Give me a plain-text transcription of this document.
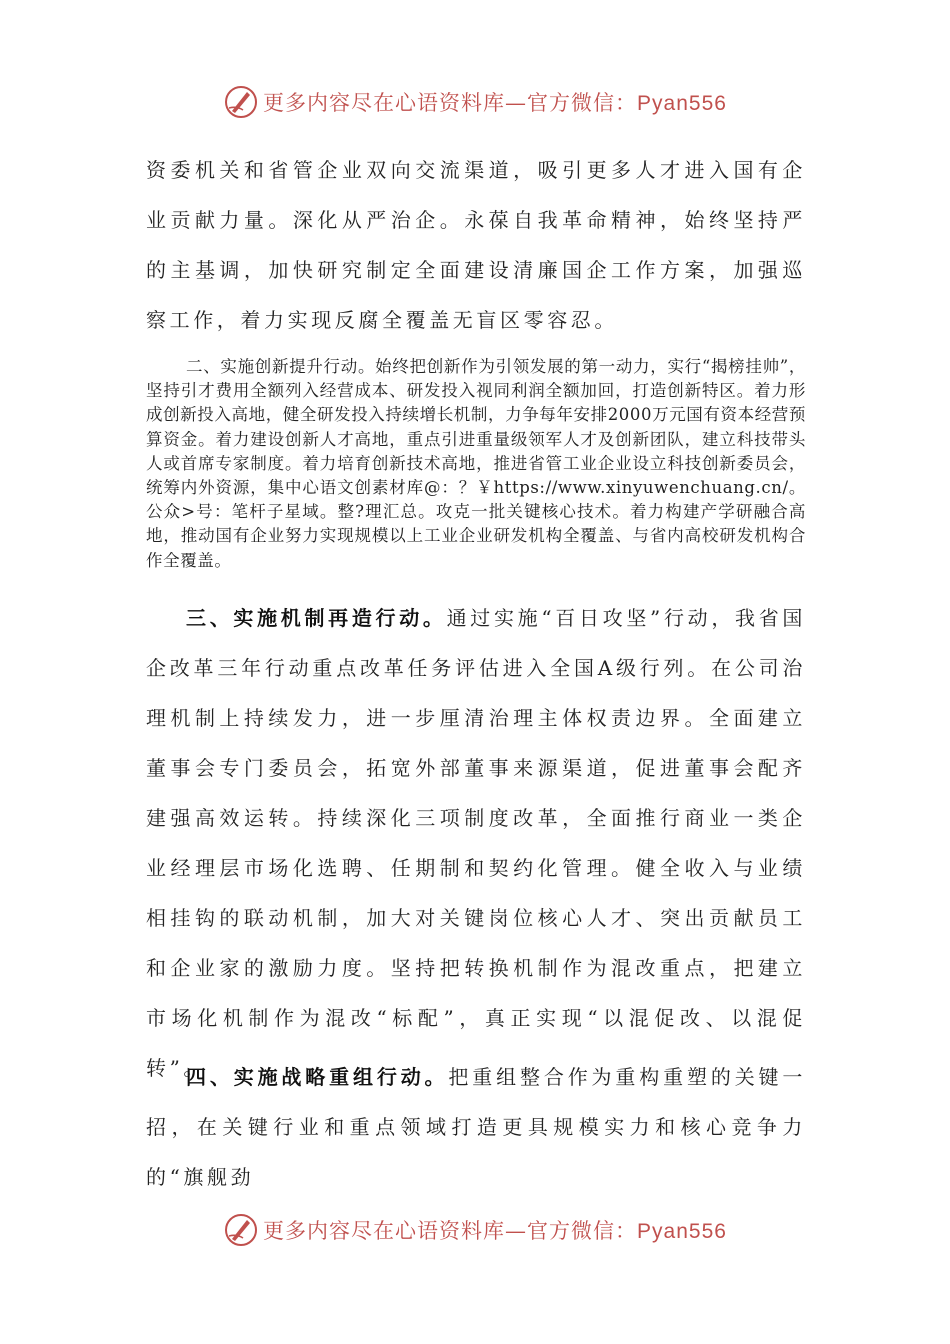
更多内容尽在心语资料库—官方微信：Pyan556

资委机关和省管企业双向交流渠道，吸引更多人才进入国有企业贡献力量。深化从严治企。永葆自我革命精神，始终坚持严的主基调，加快研究制定全面建设清廉国企工作方案，加强巡察工作，着力实现反腐全覆盖无盲区零容忍。

二、实施创新提升行动。始终把创新作为引领发展的第一动力，实行“揭榜挂帅”，坚持引才费用全额列入经营成本、研发投入视同利润全额加回，打造创新特区。着力形成创新投入高地，健全研发投入持续增长机制，力争每年安排2000万元国有资本经营预算资金。着力建设创新人才高地，重点引进重量级领军人才及创新团队，建立科技带头人或首席专家制度。着力培育创新技术高地，推进省管工业企业设立科技创新委员会，统筹内外资源，集中心语文创素材库@：？￥https://www.xinyuwenchuang.cn/。公众>号：笔杆子星域。整?理汇总。攻克一批关键核心技术。着力构建产学研融合高地，推动国有企业努力实现规模以上工业企业研发机构全覆盖、与省内高校研发机构合作全覆盖。

三、实施机制再造行动。通过实施“百日攻坚”行动，我省国企改革三年行动重点改革任务评估进入全国A级行列。在公司治理机制上持续发力，进一步厘清治理主体权责边界。全面建立董事会专门委员会，拓宽外部董事来源渠道，促进董事会配齐建强高效运转。持续深化三项制度改革，全面推行商业一类企业经理层市场化选聘、任期制和契约化管理。健全收入与业绩相挂钩的联动机制，加大对关键岗位核心人才、突出贡献员工和企业家的激励力度。坚持把转换机制作为混改重点，把建立市场化机制作为混改“标配”，真正实现“以混促改、以混促转”。
四、实施战略重组行动。把重组整合作为重构重塑的关键一招，在关键行业和重点领域打造更具规模实力和核心竞争力的“旗舰劲
更多内容尽在心语资料库—官方微信：Pyan556
